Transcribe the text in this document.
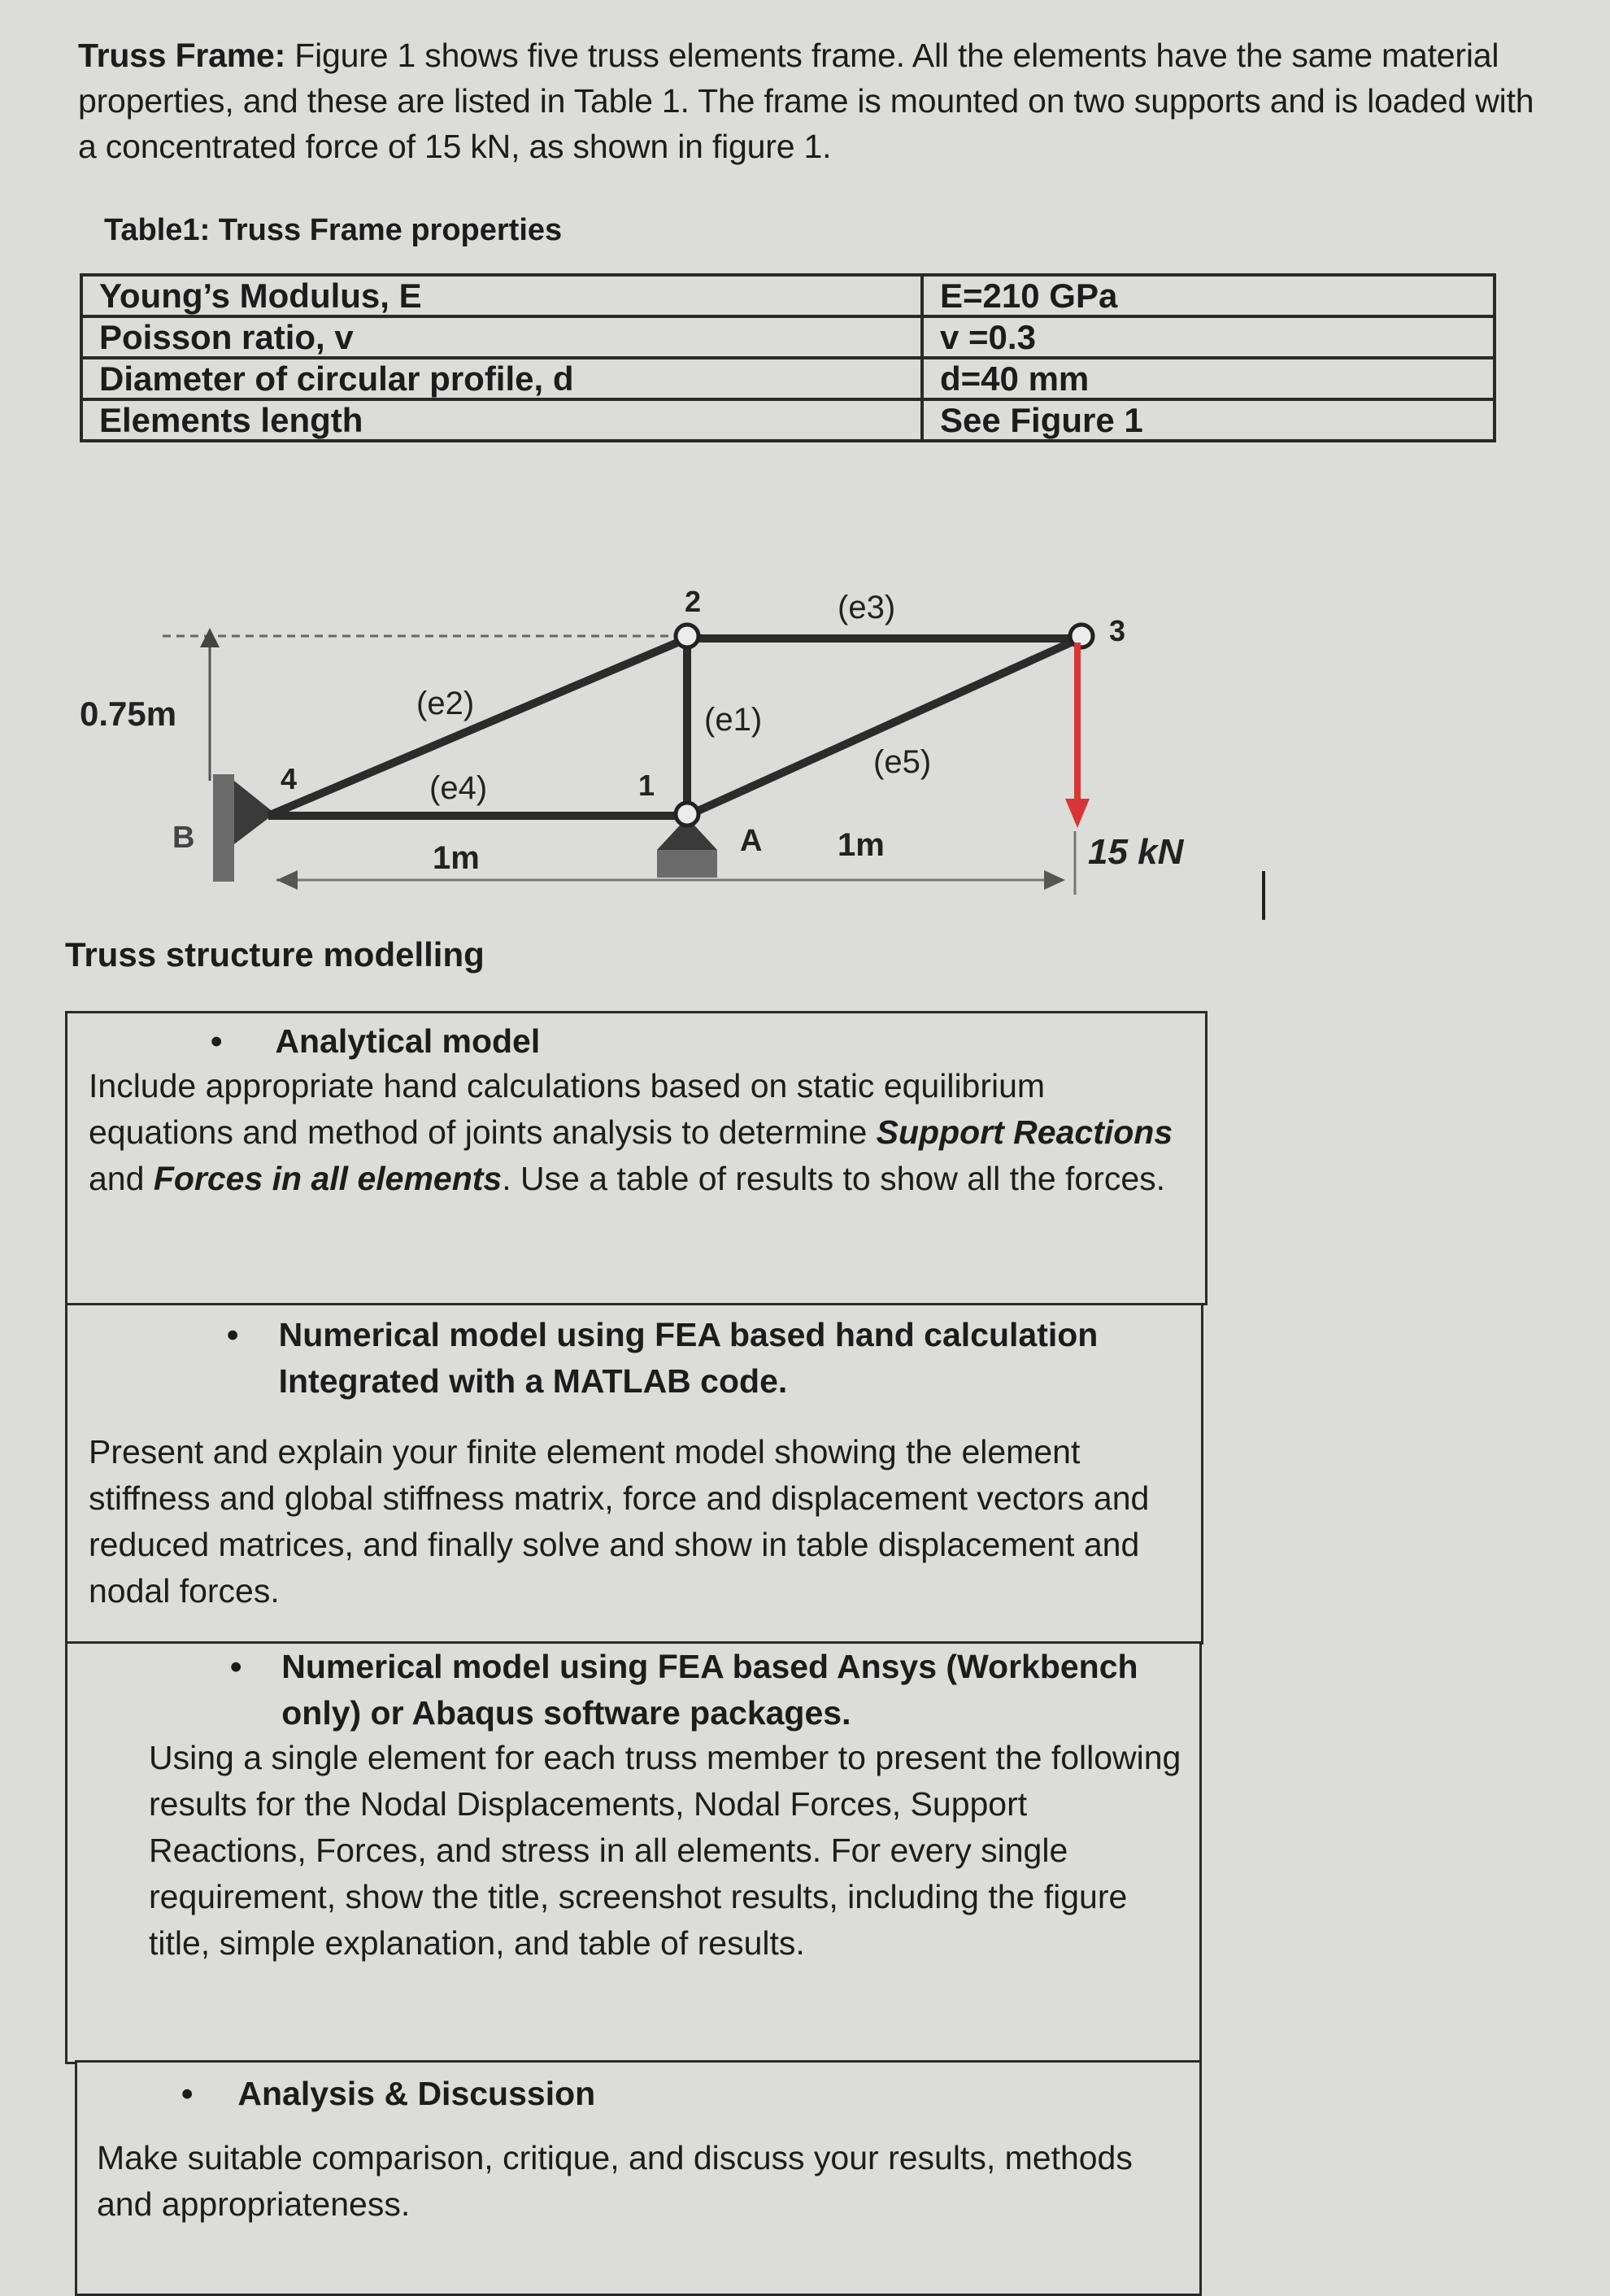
Truss Frame: Figure 1 shows five truss elements frame. All the elements have the same material properties, and these are listed in Table 1. The frame is mounted on two supports and is loaded with a concentrated force of 15 kN, as shown in figure 1.
Table1: Truss Frame properties
Young’s Modulus, E	E=210 GPa
Poisson ratio, v	v =0.3
Diameter of circular profile, d	d=40 mm
Elements length	See Figure 1
0.75m
B
4	1
2
3
(e3)
(e2)	(e1)
(e5)
(e4)
A
1m	1m	15 kN
Truss structure modelling
• Analytical model
Include appropriate hand calculations based on static equilibrium equations and method of joints analysis to determine Support Reactions and Forces in all elements. Use a table of results to show all the forces.
•	Numerical model using FEA based hand calculation Integrated with a MATLAB code.
Present and explain your finite element model showing the element stiffness and global stiffness matrix, force and displacement vectors and reduced matrices, and finally solve and show in table displacement and nodal forces.
•	Numerical model using FEA based Ansys (Workbench only) or Abaqus software packages.
Using a single element for each truss member to present the following results for the Nodal Displacements, Nodal Forces, Support Reactions, Forces, and stress in all elements. For every single requirement, show the title, screenshot results, including the figure title, simple explanation, and table of results.
• Analysis & Discussion
Make suitable comparison, critique, and discuss your results, methods and appropriateness.
